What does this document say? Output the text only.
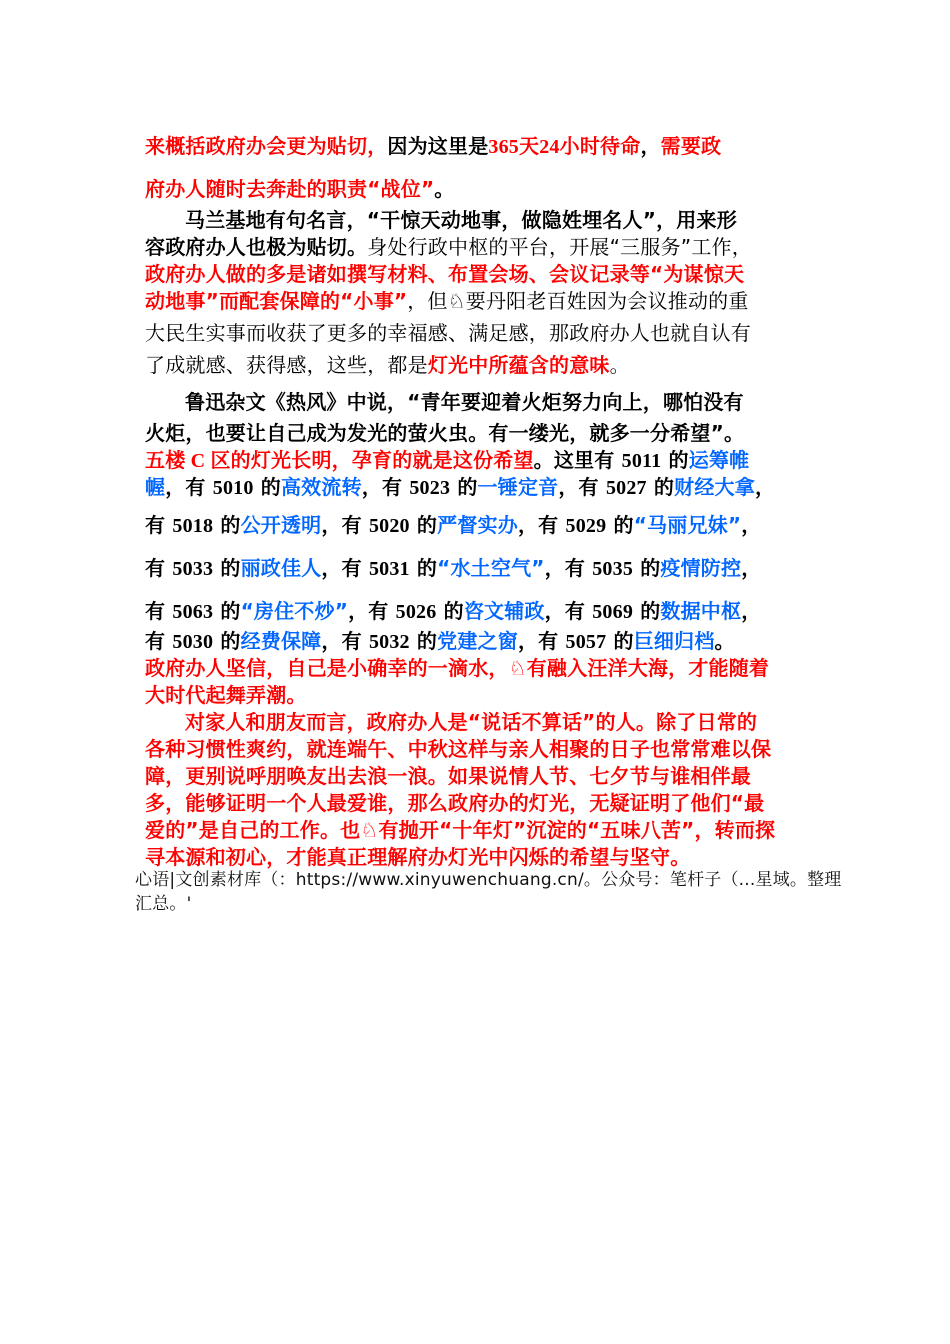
来概括政府办会更为贴切，因为这里是365天24小时待命，需要政
府办人随时去奔赴的职责“战位”。
马兰基地有句名言，“干惊天动地事，做隐姓埋名人”，用来形
容政府办人也极为贴切。身处行政中枢的平台，开展“三服务”工作，
政府办人做的多是诸如撰写材料、布置会场、会议记录等“为谋惊天
动地事”而配套保障的“小事”，但♘要丹阳老百姓因为会议推动的重
大民生实事而收获了更多的幸福感、满足感，那政府办人也就自认有
了成就感、获得感，这些，都是灯光中所蕴含的意味。
鲁迅杂文《热风》中说，“青年要迎着火炬努力向上，哪怕没有
火炬，也要让自己成为发光的萤火虫。有一缕光，就多一分希望”。
五楼 C 区的灯光长明，孕育的就是这份希望。这里有 5011 的运筹帷
幄，有 5010 的高效流转，有 5023 的一锤定音，有 5027 的财经大拿，
有 5018 的公开透明，有 5020 的严督实办，有 5029 的“马丽兄妹”，
有 5033 的丽政佳人，有 5031 的“水土空气”，有 5035 的疫情防控，
有 5063 的“房住不炒”，有 5026 的咨文辅政，有 5069 的数据中枢，
有 5030 的经费保障，有 5032 的党建之窗，有 5057 的巨细归档。
政府办人坚信，自己是小确幸的一滴水，♘有融入汪洋大海，才能随着
大时代起舞弄潮。
对家人和朋友而言，政府办人是“说话不算话”的人。除了日常的
各种习惯性爽约，就连端午、中秋这样与亲人相聚的日子也常常难以保
障，更别说呼朋唤友出去浪一浪。如果说情人节、七夕节与谁相伴最
多，能够证明一个人最爱谁，那么政府办的灯光，无疑证明了他们“最
爱的”是自己的工作。也♘有抛开“十年灯”沉淀的“五味八苦”，转而探
寻本源和初心，才能真正理解府办灯光中闪烁的希望与坚守。
心语|文创素材库（：https://www.xinyuwenchuang.cn/。公众号：笔杆子（...星域。整理汇总。'
